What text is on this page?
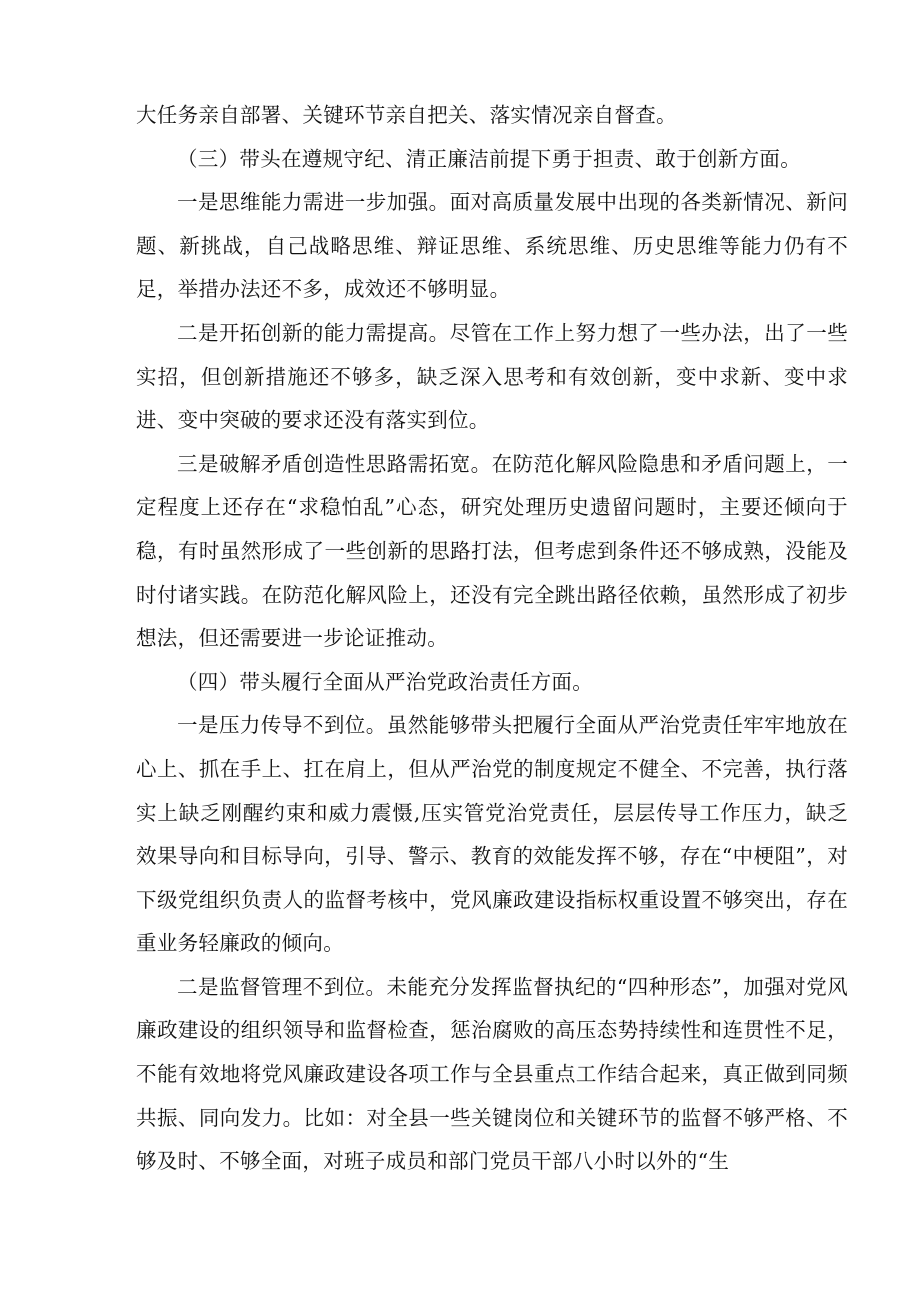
大任务亲自部署、关键环节亲自把关、落实情况亲自督查。

（三）带头在遵规守纪、清正廉洁前提下勇于担责、敢于创新方面。

一是思维能力需进一步加强。面对高质量发展中出现的各类新情况、新问题、新挑战，自己战略思维、辩证思维、系统思维、历史思维等能力仍有不足，举措办法还不多，成效还不够明显。

二是开拓创新的能力需提高。尽管在工作上努力想了一些办法，出了一些实招，但创新措施还不够多，缺乏深入思考和有效创新，变中求新、变中求进、变中突破的要求还没有落实到位。

三是破解矛盾创造性思路需拓宽。在防范化解风险隐患和矛盾问题上，一定程度上还存在“求稳怕乱”心态，研究处理历史遗留问题时，主要还倾向于稳，有时虽然形成了一些创新的思路打法，但考虑到条件还不够成熟，没能及时付诸实践。在防范化解风险上，还没有完全跳出路径依赖，虽然形成了初步想法，但还需要进一步论证推动。

（四）带头履行全面从严治党政治责任方面。

一是压力传导不到位。虽然能够带头把履行全面从严治党责任牢牢地放在心上、抓在手上、扛在肩上，但从严治党的制度规定不健全、不完善，执行落实上缺乏刚醒约束和威力震慑,压实管党治党责任，层层传导工作压力，缺乏效果导向和目标导向，引导、警示、教育的效能发挥不够，存在“中梗阻”，对下级党组织负责人的监督考核中，党风廉政建设指标权重设置不够突出，存在重业务轻廉政的倾向。

二是监督管理不到位。未能充分发挥监督执纪的“四种形态”，加强对党风廉政建设的组织领导和监督检查，惩治腐败的高压态势持续性和连贯性不足，不能有效地将党风廉政建设各项工作与全县重点工作结合起来，真正做到同频共振、同向发力。比如：对全县一些关键岗位和关键环节的监督不够严格、不够及时、不够全面，对班子成员和部门党员干部八小时以外的“生
